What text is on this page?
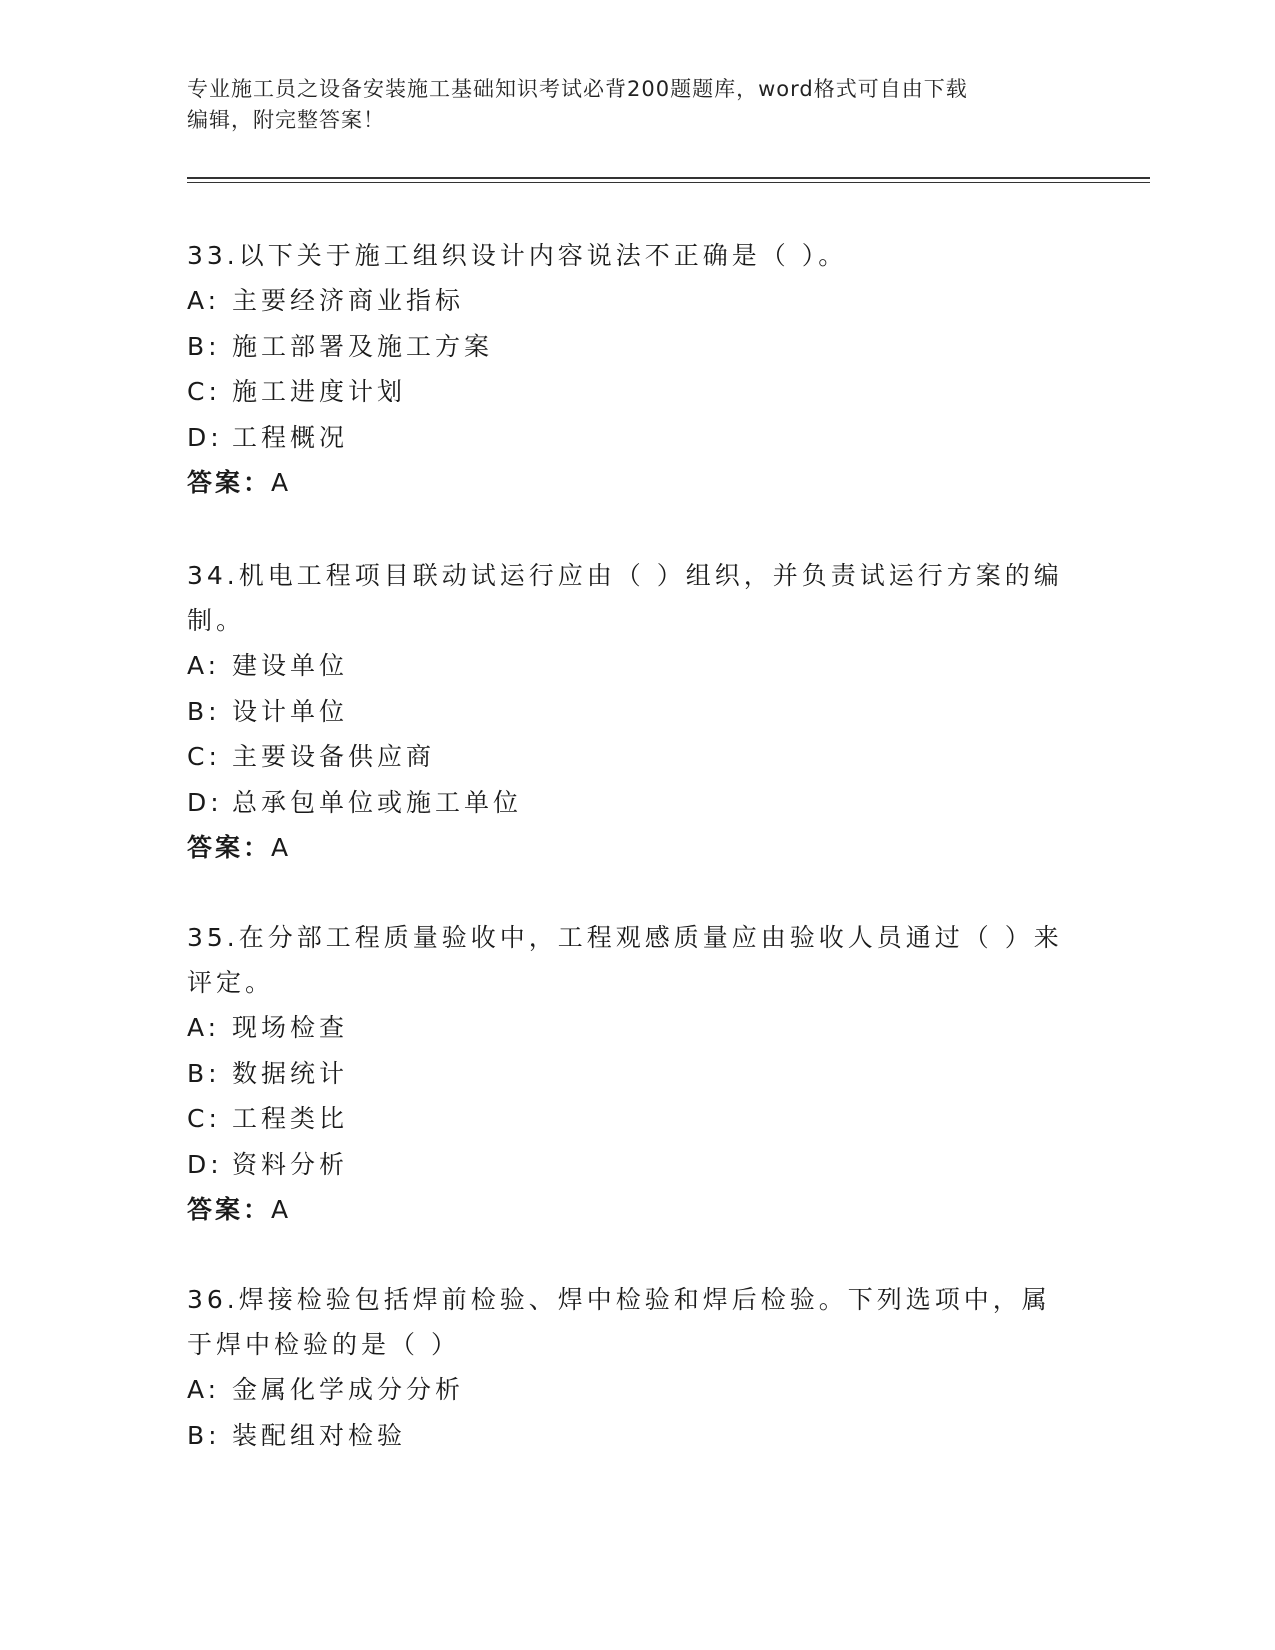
专业施工员之设备安装施工基础知识考试必背200题题库，word格式可自由下载
编辑，附完整答案！

33.以下关于施工组织设计内容说法不正确是（ ）。

A: 主要经济商业指标

B: 施工部署及施工方案

C: 施工进度计划

D: 工程概况

答案：A

34.机电工程项目联动试运行应由（ ）组织，并负责试运行方案的编制。

A: 建设单位

B: 设计单位

C: 主要设备供应商

D: 总承包单位或施工单位

答案：A

35.在分部工程质量验收中，工程观感质量应由验收人员通过（ ）来评定。

A: 现场检查

B: 数据统计

C: 工程类比

D: 资料分析

答案：A

36.焊接检验包括焊前检验、焊中检验和焊后检验。下列选项中，属于焊中检验的是（ ）

A: 金属化学成分分析

B: 装配组对检验
